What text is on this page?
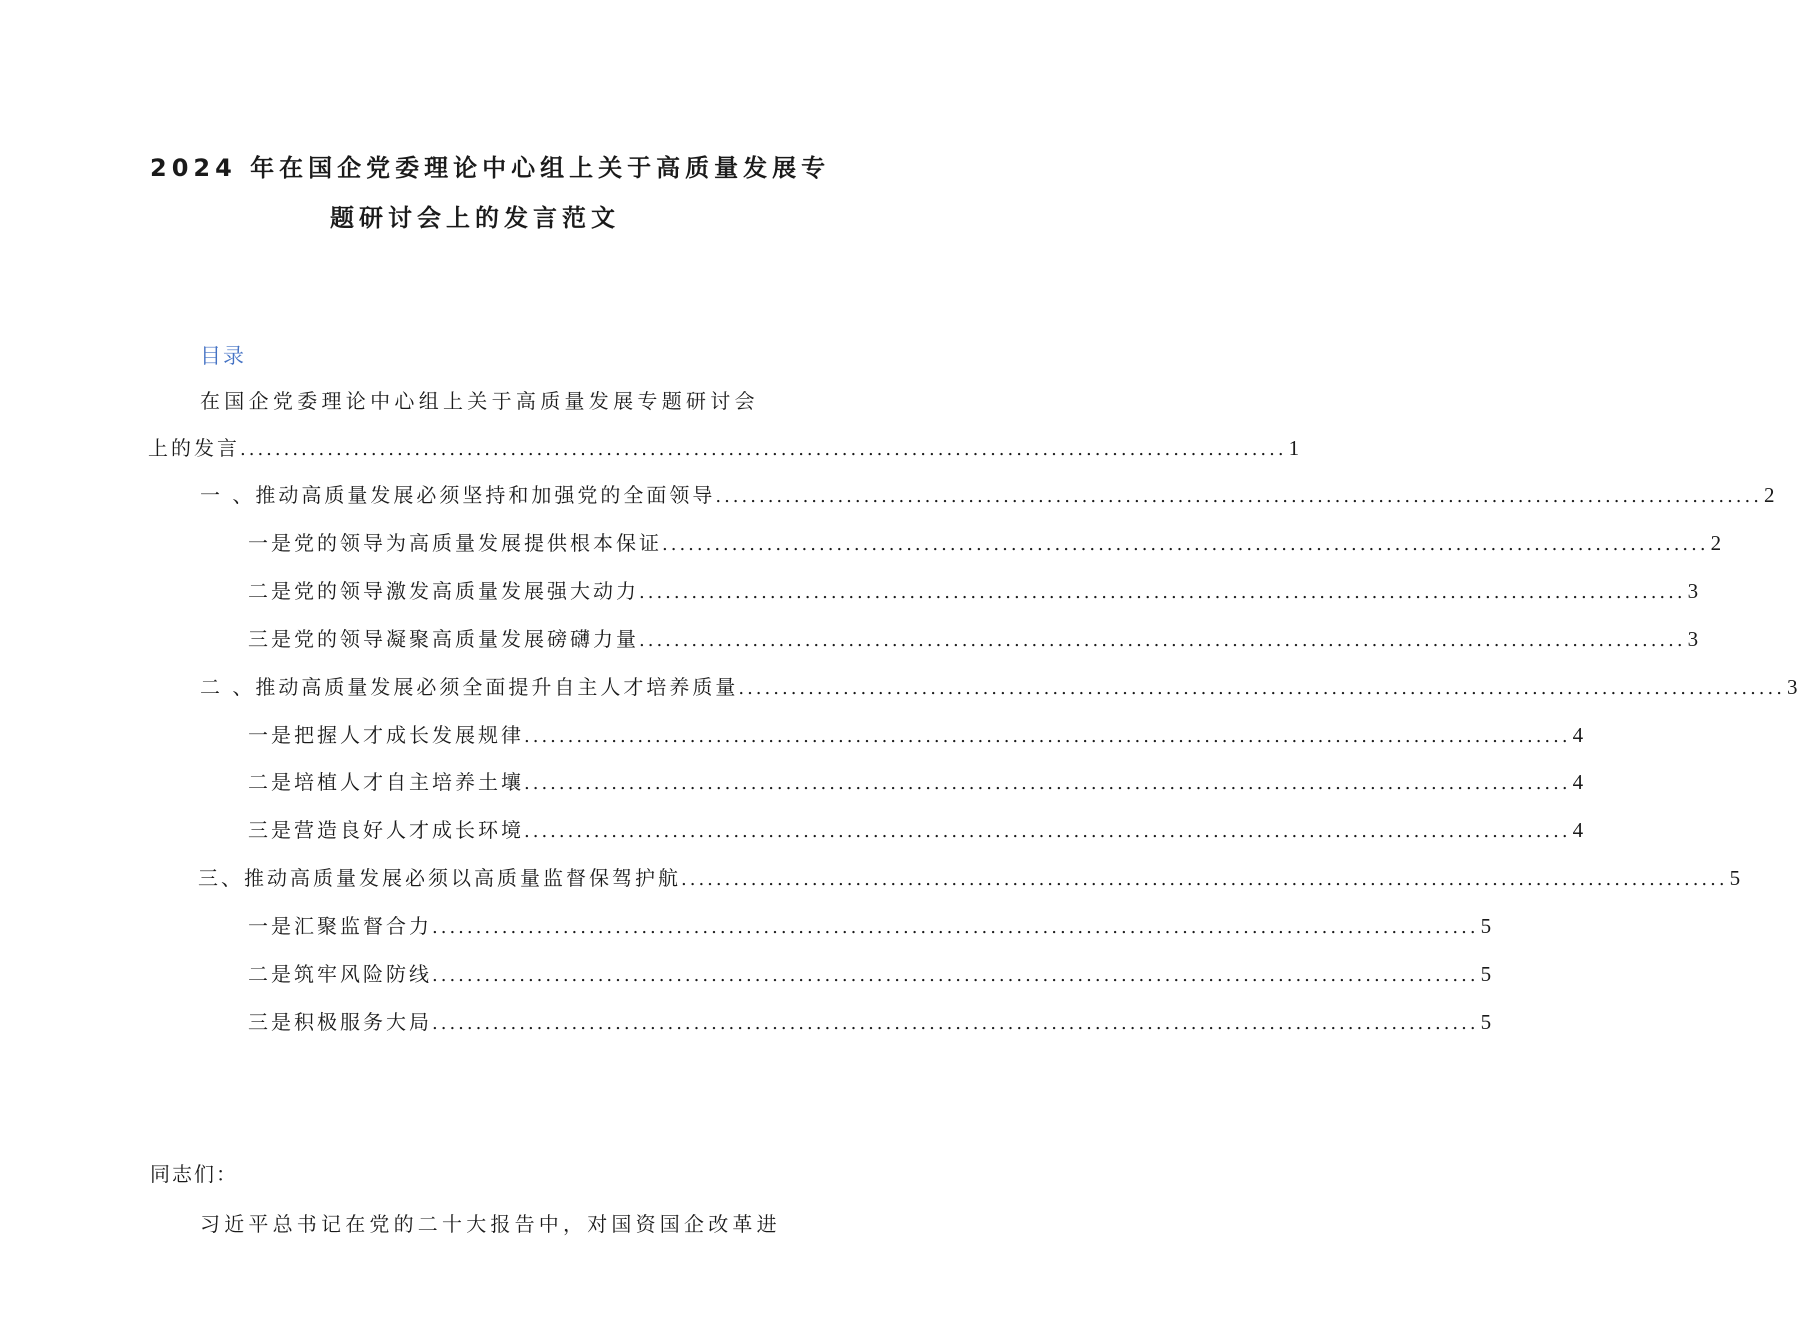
2024 年在国企党委理论中心组上关于高质量发展专
题研讨会上的发言范文
目录
在国企党委理论中心组上关于高质量发展专题研讨会
上的发言 ........................................................................................................................ 1
一 、推动高质量发展必须坚持和加强党的全面领导 ........................................................................................................................ 2
一是党的领导为高质量发展提供根本保证 ........................................................................................................................ 2
二是党的领导激发高质量发展强大动力 ........................................................................................................................ 3
三是党的领导凝聚高质量发展磅礴力量 ........................................................................................................................ 3
二 、推动高质量发展必须全面提升自主人才培养质量 ........................................................................................................................ 3
一是把握人才成长发展规律 ........................................................................................................................ 4
二是培植人才自主培养土壤 ........................................................................................................................ 4
三是营造良好人才成长环境 ........................................................................................................................ 4
三、推动高质量发展必须以高质量监督保驾护航 ........................................................................................................................ 5
一是汇聚监督合力 ........................................................................................................................ 5
二是筑牢风险防线 ........................................................................................................................ 5
三是积极服务大局 ........................................................................................................................ 5
同志们：
习近平总书记在党的二十大报告中，对国资国企改革进
